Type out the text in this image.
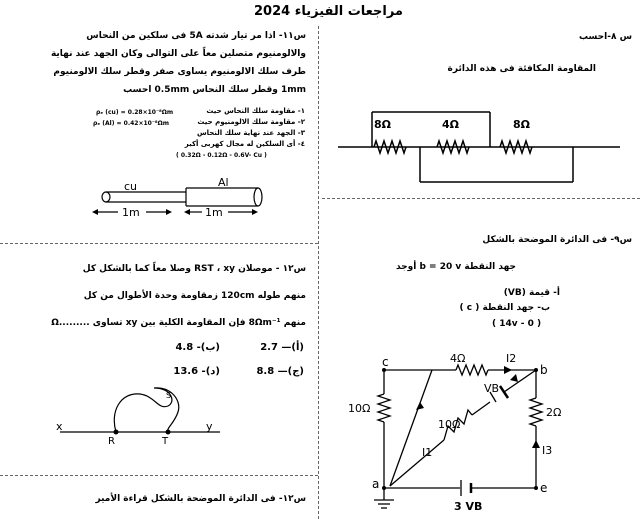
مراجعات الفيزياء 2024
س ٨-احسب
المقاومة المكافئة فى هذه الدائرة
8Ω	4Ω	8Ω
س١١- اذا مر تيار شدته 5A فى سلكين من النحاس
والالومنيوم متصلين معاً على التوالى وكان الجهد عند نهاية
طرف سلك الالومنيوم يساوى صفر وقطر سلك الالومنيوم
1mm وقطر سلك النحاس 0.5mm احسب
ρₑ (cu) = 0.28×10⁻⁸Ωm
ρₑ (Al) = 0.42×10⁻⁸Ωm
١- مقاومة سلك النحاس حيث
٢- مقاومة سلك الالومنيوم حيث
٣- الجهد عند نهاية سلك النحاس
٤- أى السلكين له مجال كهربى أكبر
( 0.32Ω - 0.12Ω - 0.6V- Cu )
cu	Al
1m	1m
س١٢ - موصلان RST ، xy وصلا معاً كما بالشكل كل
منهم طوله 120cm زمقاومة وحدة الأطوال من كل
منهم 8Ωm⁻¹ فإن المقاومة الكلية بين xy تساوى .........Ω
(أ)— 2.7
(ب)- 4.8
(ج)— 8.8
(د)- 13.6
x	y
R	T
S
س١٢- فى الدائرة الموضحة بالشكل قراءة الأمير
س٩- فى الدائرة الموضحة بالشكل
جهد النقطة b = 20 v أوجد
أ- قيمة (VB)
ب- جهد النقطة ( c )
( 14v - 0 )
c
b
a	e
4Ω
10Ω	2Ω
10Ω
VB
3 VB
I1
I2
I3
